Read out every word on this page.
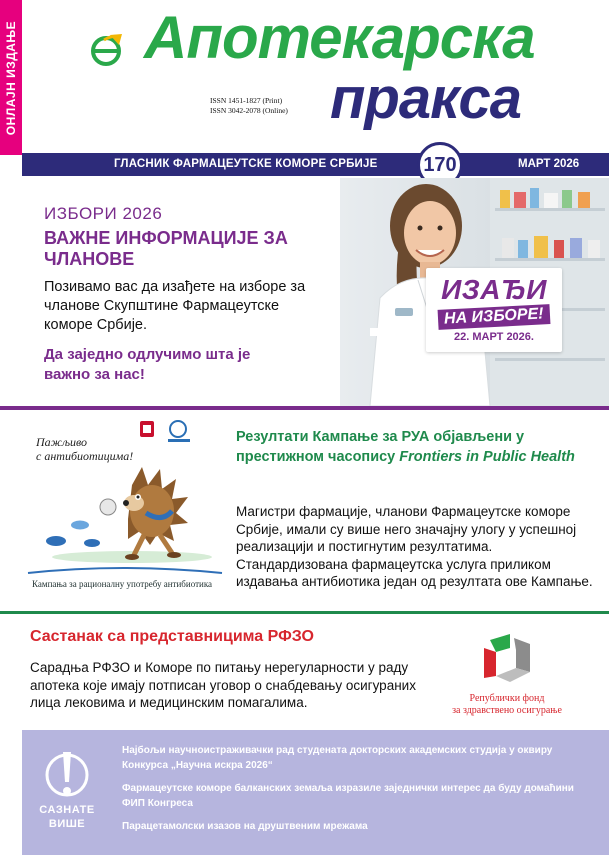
ОНЛАЈН ИЗДАЊЕ Апотекарска
пракса
ISSN 1451-1827 (Print)
ISSN 3042-2078 (Online)
ГЛАСНИК ФАРМАЦЕУТСКЕ КОМОРЕ СРБИЈЕ	МАРТ 2026
170
ИЗАЂИ
НА ИЗБОРЕ!
22. МАРТ 2026.
ИЗБОРИ 2026
ВАЖНЕ ИНФОРМАЦИЈЕ ЗА ЧЛАНОВЕ
Позивамо вас да изађете на изборе за чланове Скупштине Фармацеутске коморе Србије.
Да заједно одлучимо шта је важно за нас!
Пажљиво
с антибиотицима!
Кампања за рационалну употребу антибиотика
Резултати Кампање за РУА објављени у престижном часопису Frontiers in Public Health
Магистри фармације, чланови Фармацеутске коморе Србије, имали су више него значајну улогу у успешној реализацији и постигнутим резултатима. Стандардизована фармацеутска услуга приликом издавања антибиотика један од резултата ове Кампање.
Састанак са представницима РФЗО
Сарадња РФЗО и Коморе по питању нерегуларности у раду апотека које имају потписан уговор о снабдевању осигураних лица лековима и медицинским помагалима.	Републички фонд
за здравствено осигурање
САЗНАТЕ
ВИШЕ
Најбољи научноистраживачки рад студената докторских академских студија у оквиру Конкурса „Научна искра 2026“
Фармацеутске коморе балканских земаља изразиле заједнички интерес да буду домаћини ФИП Конгреса
Парацетамолски изазов на друштвеним мрежама
